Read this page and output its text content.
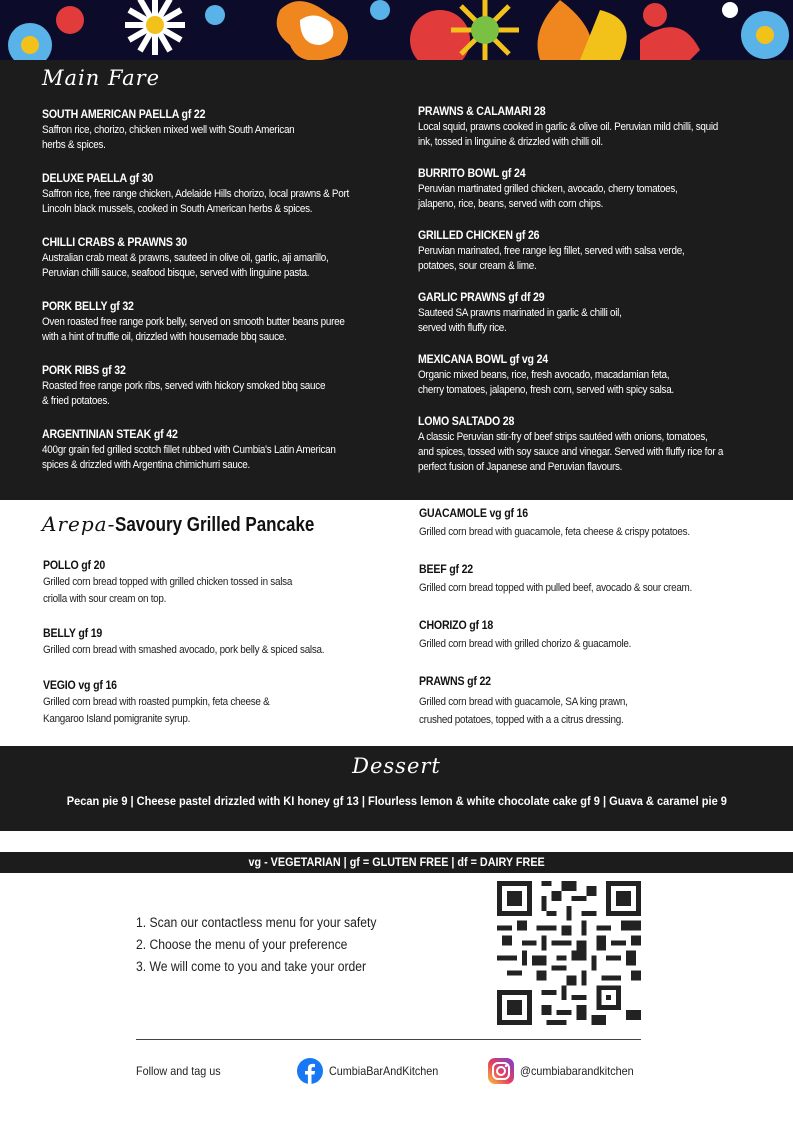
Main Fare
SOUTH AMERICAN PAELLA gf 22

Saffron rice, chorizo, chicken mixed well with South American

herbs & spices.

DELUXE PAELLA gf 30

Saffron rice, free range chicken, Adelaide Hills chorizo, local prawns & Port

Lincoln black mussels, cooked in South American herbs & spices.

CHILLI CRABS & PRAWNS 30

Australian crab meat & prawns, sauteed in olive oil, garlic, aji amarillo,

Peruvian chilli sauce, seafood bisque, served with linguine pasta.

PORK BELLY gf 32

Oven roasted free range pork belly, served on smooth butter beans puree

with a hint of truffle oil, drizzled with housemade bbq sauce.

PORK RIBS gf 32

Roasted free range pork ribs, served with hickory smoked bbq sauce

& fried potatoes.

ARGENTINIAN STEAK gf 42

400gr grain fed grilled scotch fillet rubbed with Cumbia's Latin American

spices & drizzled with Argentina chimichurri sauce.

PRAWNS & CALAMARI 28

Local squid, prawns cooked in garlic & olive oil. Peruvian mild chilli, squid

ink, tossed in linguine & drizzled with chilli oil.

BURRITO BOWL gf 24

Peruvian martinated grilled chicken, avocado, cherry tomatoes,

jalapeno, rice, beans, served with corn chips.

GRILLED CHICKEN gf 26

Peruvian marinated, free range leg fillet, served with salsa verde,

potatoes, sour cream & lime.

GARLIC PRAWNS gf df 29

Sauteed SA prawns marinated in garlic & chilli oil,

served with fluffy rice.

MEXICANA BOWL gf vg 24

Organic mixed beans, rice, fresh avocado, macadamian feta,

cherry tomatoes, jalapeno, fresh corn, served with spicy salsa.

LOMO SALTADO 28

A classic Peruvian stir-fry of beef strips sautéed with onions, tomatoes,

and spices, tossed with soy sauce and vinegar. Served with fluffy rice for a

perfect fusion of Japanese and Peruvian flavours.

Arepa- Savoury Grilled Pancake
POLLO gf 20

Grilled corn bread topped with grilled chicken tossed in salsa

criolla with sour cream on top.

BELLY gf 19

Grilled corn bread with smashed avocado, pork belly & spiced salsa.

VEGIO vg gf 16

Grilled corn bread with roasted pumpkin, feta cheese &

Kangaroo Island pomigranite syrup.

GUACAMOLE vg gf 16

Grilled corn bread with guacamole, feta cheese & crispy potatoes.

BEEF gf 22

Grilled corn bread topped with pulled beef, avocado & sour cream.

CHORIZO gf 18

Grilled corn bread with grilled chorizo & guacamole.

PRAWNS gf 22

Grilled corn bread with guacamole, SA king prawn,

crushed potatoes, topped with a a citrus dressing.

Dessert
Pecan pie 9 | Cheese pastel drizzled with KI honey gf 13 | Flourless lemon & white chocolate cake gf 9 | Guava & caramel pie 9
vg - VEGETARIAN | gf = GLUTEN FREE | df = DAIRY FREE
1. Scan our contactless menu for your safety
2. Choose the menu of your preference
3. We will come to you and take your order
Follow and tag us	CumbiaBarAndKitchen	@cumbiabarandkitchen
